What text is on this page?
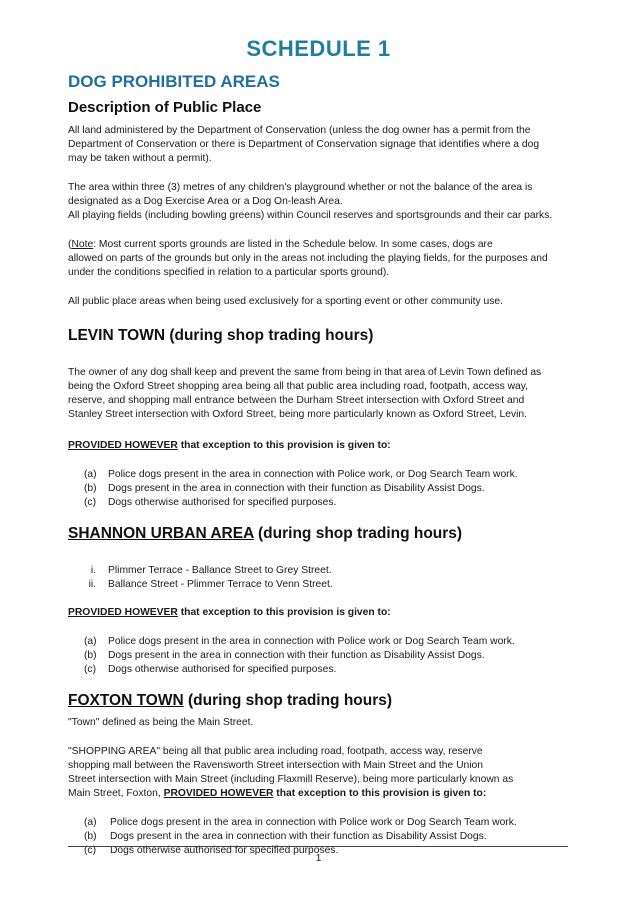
SCHEDULE 1
DOG PROHIBITED AREAS
Description of Public Place

All land administered by the Department of Conservation (unless the dog owner has a permit from the
Department of Conservation or there is Department of Conservation signage that identifies where a dog
may be taken without a permit).

The area within three (3) metres of any children's playground whether or not the balance of the area is
designated as a Dog Exercise Area or a Dog On-leash Area.
All playing fields (including bowling greens) within Council reserves and sportsgrounds and their car parks.

(Note: Most current sports grounds are listed in the Schedule below. In some cases, dogs are
allowed on parts of the grounds but only in the areas not including the playing fields, for the purposes and
under the conditions specified in relation to a particular sports ground).

All public place areas when being used exclusively for a sporting event or other community use.

LEVIN TOWN (during shop trading hours)

The owner of any dog shall keep and prevent the same from being in that area of Levin Town defined as
being the Oxford Street shopping area being all that public area including road, footpath, access way,
reserve, and shopping mall entrance between the Durham Street intersection with Oxford Street and
Stanley Street intersection with Oxford Street, being more particularly known as Oxford Street, Levin.

PROVIDED HOWEVER that exception to this provision is given to:

(a)	Police dogs present in the area in connection with Police work, or Dog Search Team work.
(b)	Dogs present in the area in connection with their function as Disability Assist Dogs.
(c)	Dogs otherwise authorised for specified purposes.
SHANNON URBAN AREA (during shop trading hours)
i. Plimmer Terrace - Ballance Street to Grey Street.
ii. Ballance Street - Plimmer Terrace to Venn Street.

PROVIDED HOWEVER that exception to this provision is given to:

(a)	Police dogs present in the area in connection with Police work or Dog Search Team work.
(b)	Dogs present in the area in connection with their function as Disability Assist Dogs.
(c)	Dogs otherwise authorised for specified purposes.
FOXTON TOWN (during shop trading hours)

"Town" defined as being the Main Street.

"SHOPPING AREA" being all that public area including road, footpath, access way, reserve
shopping mall between the Ravensworth Street intersection with Main Street and the Union
Street intersection with Main Street (including Flaxmill Reserve), being more particularly known as
Main Street, Foxton, PROVIDED HOWEVER that exception to this provision is given to:

(a)	Police dogs present in the area in connection with Police work or Dog Search Team work.
(b)	Dogs present in the area in connection with their function as Disability Assist Dogs.
(c)	Dogs otherwise authorised for specified purposes.
1
